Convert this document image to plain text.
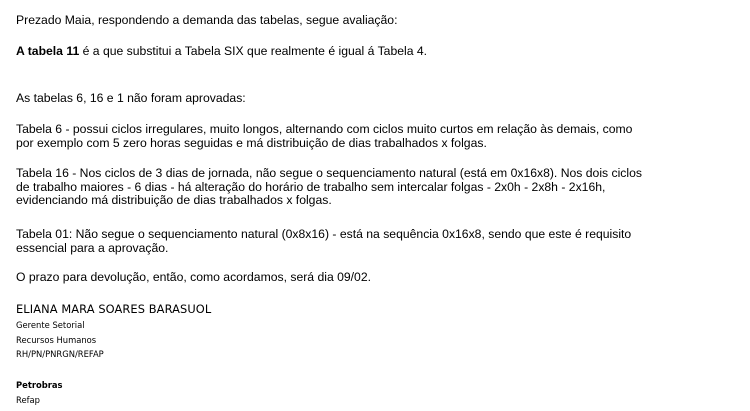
Prezado Maia, respondendo a demanda das tabelas, segue avaliação:

A tabela 11 é a que substitui a Tabela SIX que realmente é igual á Tabela 4.

As tabelas 6, 16 e 1 não foram aprovadas:

Tabela 6 - possui ciclos irregulares, muito longos, alternando com ciclos muito curtos em relação às demais, como
por exemplo com 5 zero horas seguidas e má distribuição de dias trabalhados x folgas.

Tabela 16 - Nos ciclos de 3 dias de jornada, não segue o sequenciamento natural (está em 0x16x8). Nos dois ciclos
de trabalho maiores - 6 dias - há alteração do horário de trabalho sem intercalar folgas - 2x0h - 2x8h - 2x16h,
evidenciando má distribuição de dias trabalhados x folgas.

Tabela 01: Não segue o sequenciamento natural (0x8x16) - está na sequência 0x16x8, sendo que este é requisito
essencial para a aprovação.

O prazo para devolução, então, como acordamos, será dia 09/02.

ELIANA MARA SOARES BARASUOL
Gerente Setorial
Recursos Humanos
RH/PN/PNRGN/REFAP
Petrobras
Refap
